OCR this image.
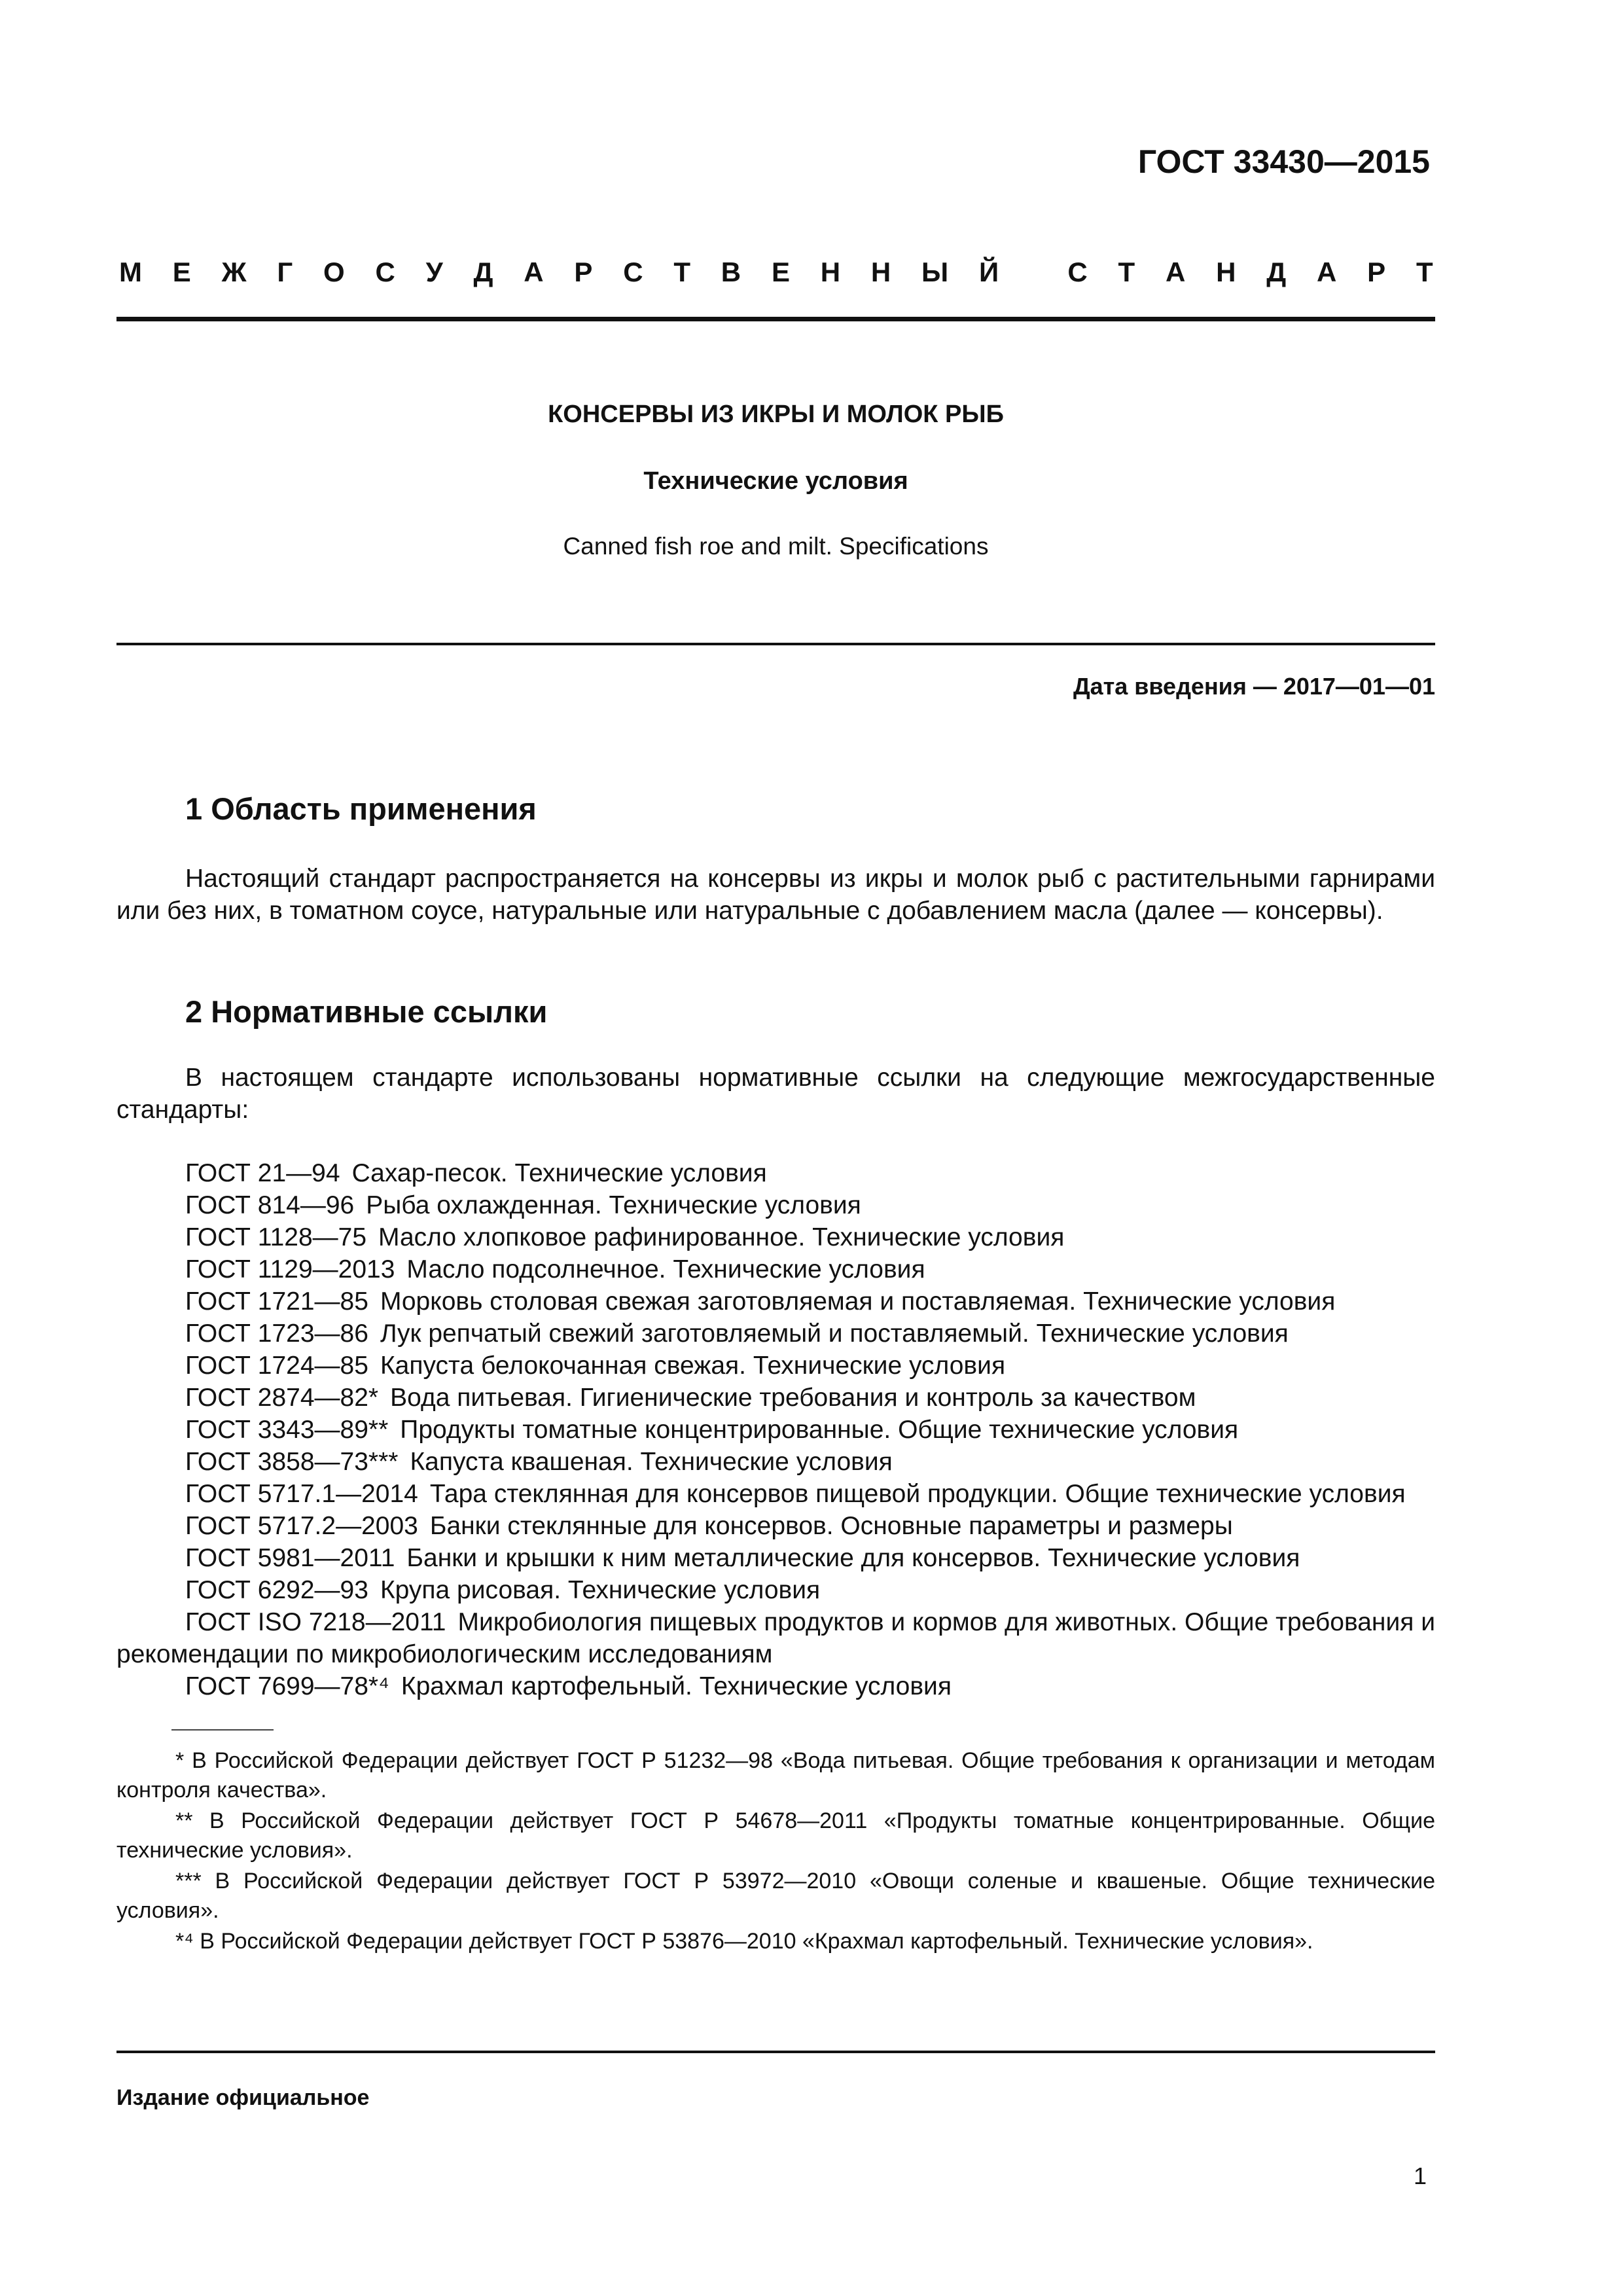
ГОСТ 33430—2015
М Е Ж Г О С У Д А Р С Т В Е Н Н Ы Й
	С Т А Н Д А Р Т
КОНСЕРВЫ ИЗ ИКРЫ И МОЛОК РЫБ
Технические условия
Canned fish roe and milt. Specifications
Дата введения — 2017—01—01
1 Область применения

Настоящий стандарт распространяется на консервы из икры и молок рыб с растительными гарнирами или без них, в томатном соусе, натуральные или натуральные с добавлением масла (далее — консервы).

2 Нормативные ссылки

В настоящем стандарте использованы нормативные ссылки на следующие межгосударственные стандарты:

ГОСТ 21—94 Сахар-песок. Технические условия
ГОСТ 814—96 Рыба охлажденная. Технические условия
ГОСТ 1128—75 Масло хлопковое рафинированное. Технические условия
ГОСТ 1129—2013 Масло подсолнечное. Технические условия
ГОСТ 1721—85 Морковь столовая свежая заготовляемая и поставляемая. Технические условия
ГОСТ 1723—86 Лук репчатый свежий заготовляемый и поставляемый. Технические условия
ГОСТ 1724—85 Капуста белокочанная свежая. Технические условия
ГОСТ 2874—82* Вода питьевая. Гигиенические требования и контроль за качеством
ГОСТ 3343—89** Продукты томатные концентрированные. Общие технические условия
ГОСТ 3858—73*** Капуста квашеная. Технические условия
ГОСТ 5717.1—2014 Тара стеклянная для консервов пищевой продукции. Общие технические условия
ГОСТ 5717.2—2003 Банки стеклянные для консервов. Основные параметры и размеры
ГОСТ 5981—2011 Банки и крышки к ним металлические для консервов. Технические условия
ГОСТ 6292—93 Крупа рисовая. Технические условия
ГОСТ ISO 7218—2011 Микробиология пищевых продуктов и кормов для животных. Общие требования и рекомендации по микробиологическим исследованиям
ГОСТ 7699—78*⁴ Крахмал картофельный. Технические условия
* В Российской Федерации действует ГОСТ Р 51232—98 «Вода питьевая. Общие требования к организации и методам контроля качества».
** В Российской Федерации действует ГОСТ Р 54678—2011 «Продукты томатные концентрированные. Общие технические условия».
*** В Российской Федерации действует ГОСТ Р 53972—2010 «Овощи соленые и квашеные. Общие технические условия».
*⁴ В Российской Федерации действует ГОСТ Р 53876—2010 «Крахмал картофельный. Технические условия».
Издание официальное
1
